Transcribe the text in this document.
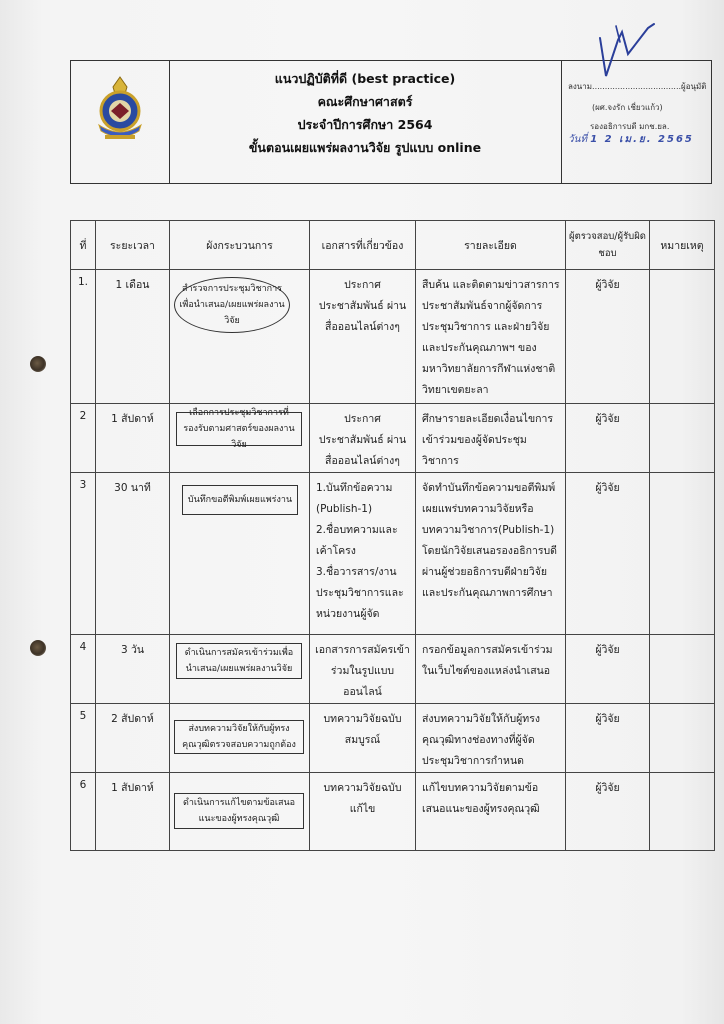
แนวปฏิบัติที่ดี (best practice)
คณะศึกษาศาสตร์
ประจำปีการศึกษา 2564
ขั้นตอนเผยแพร่ผลงานวิจัย รูปแบบ online
ลงนาม...................................ผู้อนุมัติ
(ผศ.จงรัก เชี่ยวแก้ว)
รองอธิการบดี มกช.ยล.
วันที่ 1 2 เม.ย. 2565
ที่	ระยะเวลา	ผังกระบวนการ	เอกสารที่เกี่ยวข้อง	รายละเอียด	ผู้ตรวจสอบ/ผู้รับผิดชอบ	หมายเหตุ
1.	1 เดือน	สำรวจการประชุมวิชาการเพื่อนำเสนอ/เผยแพร่ผลงานวิจัย	ประกาศ ประชาสัมพันธ์ ผ่านสื่อออนไลน์ต่างๆ	สืบค้น และติดตามข่าวสารการประชาสัมพันธ์จากผู้จัดการประชุมวิชาการ และฝ่ายวิจัยและประกันคุณภาพฯ ของมหาวิทยาลัยการกีฬาแห่งชาติ วิทยาเขตยะลา	ผู้วิจัย	
2	1 สัปดาห์	เลือกการประชุมวิชาการที่รองรับตามศาสตร์ของผลงานวิจัย	ประกาศ ประชาสัมพันธ์ ผ่านสื่อออนไลน์ต่างๆ	ศึกษารายละเอียดเงื่อนไขการเข้าร่วมของผู้จัดประชุมวิชาการ	ผู้วิจัย	
3	30 นาที	บันทึกขอตีพิมพ์เผยแพร่งาน	1.บันทึกข้อความ (Publish-1)
2.ชื่อบทความและเค้าโครง
3.ชื่อวารสาร/งานประชุมวิชาการและหน่วยงานผู้จัด	จัดทำบันทึกข้อความขอตีพิมพ์เผยแพร่บทความวิจัยหรือบทความวิชาการ(Publish-1) โดยนักวิจัยเสนอรองอธิการบดีผ่านผู้ช่วยอธิการบดีฝ่ายวิจัยและประกันคุณภาพการศึกษา	ผู้วิจัย	
4	3 วัน	ดำเนินการสมัครเข้าร่วมเพื่อนำเสนอ/เผยแพร่ผลงานวิจัย	เอกสารการสมัครเข้าร่วมในรูปแบบออนไลน์	กรอกข้อมูลการสมัครเข้าร่วมในเว็บไซต์ของแหล่งนำเสนอ	ผู้วิจัย	
5	2 สัปดาห์	ส่งบทความวิจัยให้กับผู้ทรงคุณวุฒิตรวจสอบความถูกต้อง	บทความวิจัยฉบับสมบูรณ์	ส่งบทความวิจัยให้กับผู้ทรงคุณวุฒิทางช่องทางที่ผู้จัดประชุมวิชาการกำหนด	ผู้วิจัย	
6	1 สัปดาห์	ดำเนินการแก้ไขตามข้อเสนอแนะของผู้ทรงคุณวุฒิ	บทความวิจัยฉบับแก้ไข	แก้ไขบทความวิจัยตามข้อเสนอแนะของผู้ทรงคุณวุฒิ	ผู้วิจัย	
